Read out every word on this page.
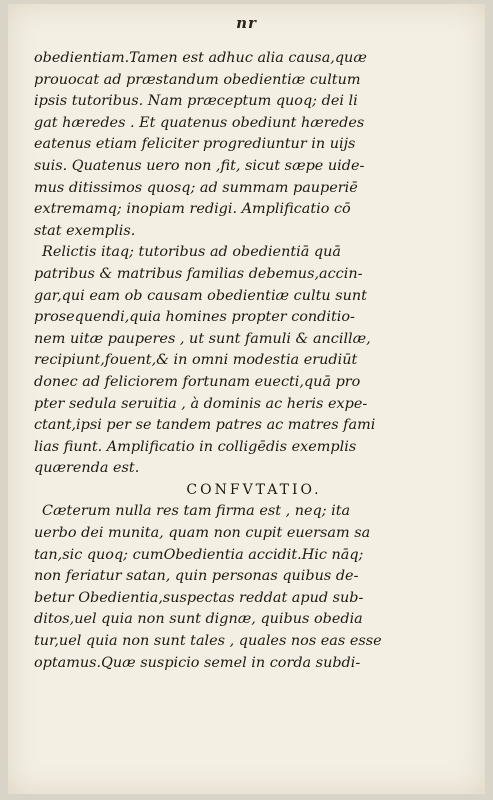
nr
obedientiam.Tamen est adhuc alia causa,quæ
prouocat ad præstandum obedientiæ cultum
ipsis tutoribus. Nam præceptum quoq; dei li
gat hæredes . Et quatenus obediunt hæredes
eatenus etiam feliciter progrediuntur in uijs
suis. Quatenus uero non ,fit, sicut sæpe uide-
mus ditissimos quosq; ad summam pauperiē
extremamq; inopiam redigi. Amplificatio cō
stat exemplis.
Relictis itaq; tutoribus ad obedientiā quā
patribus & matribus familias debemus,accin-
gar,qui eam ob causam obedientiæ cultu sunt
prosequendi,quia homines propter conditio-
nem uitæ pauperes , ut sunt famuli & ancillæ,
recipiunt,fouent,& in omni modestia erudiūt
donec ad feliciorem fortunam euecti,quā pro
pter sedula seruitia , à dominis ac heris expe-
ctant,ipsi per se tandem patres ac matres fami
lias fiunt. Amplificatio in colligēdis exemplis
quærenda est.
CONFVTATIO.
Cæterum nulla res tam firma est , neq; ita
uerbo dei munita, quam non cupit euersam sa
tan,sic quoq; cumObedientia accidit.Hic nāq;
non feriatur satan, quin personas quibus de-
betur Obedientia,suspectas reddat apud sub-
ditos,uel quia non sunt dignæ, quibus obedia
tur,uel quia non sunt tales , quales nos eas esse
optamus.Quæ suspicio semel in corda subdi-
